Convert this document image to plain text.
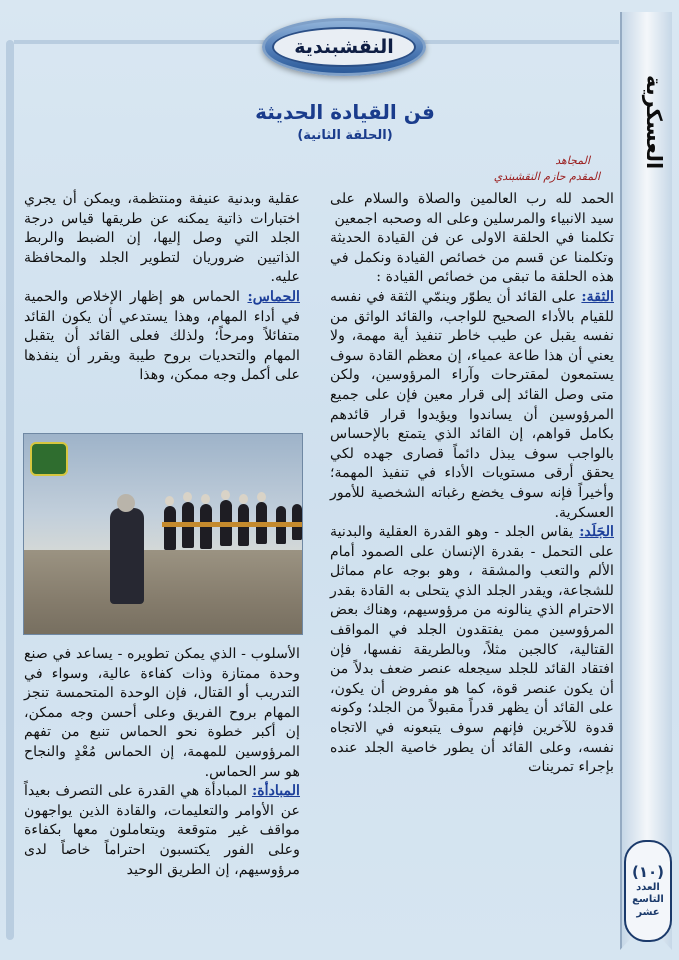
النقشبندية
العسكرية
(١٠)
العدد
التاسع
عشر
فن القيادة الحديثة
(الحلقة الثانية)
المجاهد
المقدم حازم النقشبندي

الحمد لله رب العالمين والصلاة والسلام على سيد الانبياء والمرسلين وعلى اله وصحبه اجمعين

تكلمنا في الحلقة الاولى عن فن القيادة الحديثة وتكلمنا عن قسم من خصائص القيادة ونكمل في هذه الحلقة ما تبقى من خصائص القيادة :

الثقة: على القائد أن يطوّر وينمّي الثقة في نفسه للقيام بالأداء الصحيح للواجب، والقائد الواثق من نفسه يقبل عن طيب خاطر تنفيذ أية مهمة، ولا يعني أن هذا طاعة عمياء، إن معظم القادة سوف يستمعون لمقترحات وآراء المرؤوسين، ولكن متى وصل القائد إلى قرار معين فإن على جميع المرؤوسين أن يساندوا ويؤيدوا قرار قائدهم بكامل قواهم، إن القائد الذي يتمتع بالإحساس بالواجب سوف يبذل دائماً قصارى جهده لكي يحقق أرقى مستويات الأداء في تنفيذ المهمة؛ وأخيراً فإنه سوف يخضع رغباته الشخصية للأمور العسكرية.

الجَلَد: يقاس الجلد - وهو القدرة العقلية والبدنية على التحمل - بقدرة الإنسان على الصمود أمام الألم والتعب والمشقة ، وهو بوجه عام مماثل للشجاعة، ويقدر الجلد الذي يتحلى به القادة بقدر الاحترام الذي ينالونه من مرؤوسيهم، وهناك بعض المرؤوسين ممن يفتقدون الجلد في المواقف القتالية، كالجبن مثلاً، وبالطريقة نفسها، فإن افتقاد القائد للجلد سيجعله عنصر ضعف بدلاً من أن يكون عنصر قوة، كما هو مفروض أن يكون، على القائد أن يظهر قدراً مقبولاً من الجلد؛ وكونه قدوة للآخرين فإنهم سوف يتبعونه في الاتجاه نفسه، وعلى القائد أن يطور خاصية الجلد عنده بإجراء تمرينات

عقلية وبدنية عنيفة ومنتظمة، ويمكن أن يجري اختبارات ذاتية يمكنه عن طريقها قياس درجة الجلد التي وصل إليها، إن الضبط والربط الذاتيين ضروريان لتطوير الجلد والمحافظة عليه.

الحماس: الحماس هو إظهار الإخلاص والحمية في أداء المهام، وهذا يستدعي أن يكون القائد متفائلاً ومرحاً؛ ولذلك فعلى القائد أن يتقبل المهام والتحديات بروح طيبة ويقرر أن ينفذها على أكمل وجه ممكن، وهذا

الأسلوب - الذي يمكن تطويره - يساعد في صنع وحدة ممتازة وذات كفاءة عالية، وسواء في التدريب أو القتال، فإن الوحدة المتحمسة تنجز المهام بروح الفريق وعلى أحسن وجه ممكن، إن أكبر خطوة نحو الحماس تنبع من تفهم المرؤوسين للمهمة، إن الحماس مُعْدٍ والنجاح هو سر الحماس.

المبادأة: المبادأة هي القدرة على التصرف بعيداً عن الأوامر والتعليمات، والقادة الذين يواجهون مواقف غير متوقعة ويتعاملون معها بكفاءة وعلى الفور يكتسبون احتراماً خاصاً لدى مرؤوسيهم، إن الطريق الوحيد
